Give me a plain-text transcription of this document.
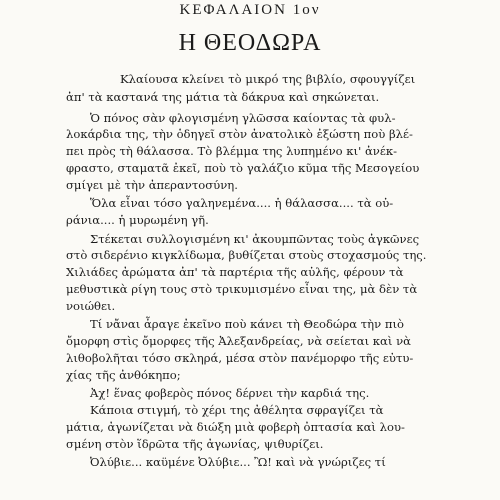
ΚΕΦΑΛΑΙΟΝ 1ον
Η ΘΕΟΔΩΡΑ
Κλαίουσα κλείνει τὸ μικρό της βιβλίο, σφουγγίζει
ἀπ' τὰ καστανά της μάτια τὰ δάκρυα καὶ σηκώνεται.
Ὁ πόνος σὰν φλογισμένη γλῶσσα καίοντας τὰ φυλ-
λοκάρδια της, τὴν ὁδηγεῖ στὸν ἀνατολικὸ ἐξώστη ποὺ βλέ-
πει πρὸς τὴ θάλασσα. Τὸ βλέμμα της λυπημένο κι' ἀνέκ-
φραστο, σταματᾶ ἐκεῖ, ποὺ τὸ γαλάζιο κῦμα τῆς Μεσογείου
σμίγει μὲ τὴν ἀπεραντοσύνη.
Ὅλα εἶναι τόσο γαληνεμένα.... ἡ θάλασσα.... τὰ οὐ-
ράνια.... ἡ μυρωμένη γῆ.
Στέκεται συλλογισμένη κι' ἀκουμπῶντας τοὺς ἀγκῶνες
στὸ σιδερένιο κιγκλίδωμα, βυθίζεται στοὺς στοχασμούς της.
Χιλιάδες ἀρώματα ἀπ' τὰ παρτέρια τῆς αὐλῆς, φέρουν τὰ
μεθυστικὰ ρίγη τους στὸ τρικυμισμένο εἶναι της, μὰ δὲν τὰ
νοιώθει.
Τί νἄναι ἆραγε ἐκεῖνο ποὺ κάνει τὴ Θεοδώρα τὴν πιὸ
ὄμορφη στὶς ὄμορφες τῆς Ἀλεξανδρείας, νὰ σείεται καὶ νὰ
λιθοβολῆται τόσο σκληρά, μέσα στὸν πανέμορφο τῆς εὐτυ-
χίας τῆς ἀνθόκηπο;
Ἀχ! ἕνας φοβερὸς πόνος δέρνει τὴν καρδιά της.
Κάποια στιγμή, τὸ χέρι της ἀθέλητα σφραγίζει τὰ
μάτια, ἀγωνίζεται νὰ διώξη μιὰ φοβερὴ ὀπτασία καὶ λου-
σμένη στὸν ἵδρῶτα τῆς ἀγωνίας, ψιθυρίζει.
Ὀλύβιε... καϋμένε Ὀλύβιε... Ὢ! καὶ νὰ γνώριζες τί
